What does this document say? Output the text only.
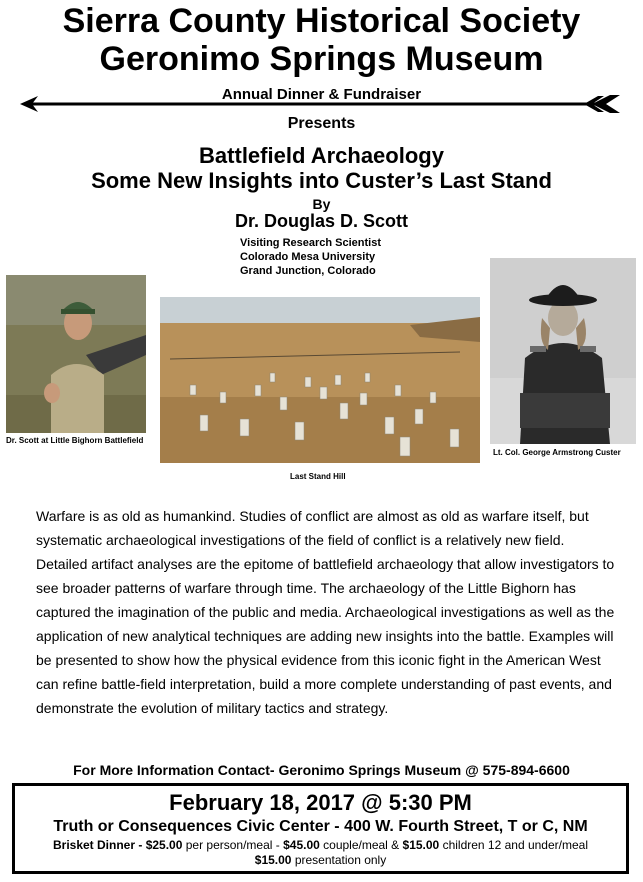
Sierra County Historical Society
Geronimo Springs Museum
Annual Dinner & Fundraiser
Presents
Battlefield Archaeology
Some New Insights into Custer’s Last Stand
By
Dr. Douglas D. Scott
Visiting Research Scientist
Colorado Mesa University
Grand Junction, Colorado
Dr. Scott at Little Bighorn Battlefield
Last Stand Hill
Lt. Col. George Armstrong Custer
Warfare is as old as humankind. Studies of conflict are almost as old as warfare itself, but systematic archaeological investigations of the field of conflict is a relatively new field. Detailed artifact analyses are the epitome of battlefield archaeology that allow investigators to see broader patterns of warfare through time. The archaeology of the Little Bighorn has captured the imagination of the public and media. Archaeological investigations as well as the application of new analytical techniques are adding new insights into the battle. Examples will be presented to show how the physical evidence from this iconic fight in the American West can refine battle-field interpretation, build a more complete understanding of past events, and demonstrate the evolution of military tactics and strategy.
For More Information Contact- Geronimo Springs Museum @ 575-894-6600
February 18, 2017 @ 5:30 PM
Truth or Consequences Civic Center - 400 W. Fourth Street, T or C, NM
Brisket Dinner - $25.00 per person/meal - $45.00 couple/meal & $15.00 children 12 and under/meal
$15.00 presentation only
